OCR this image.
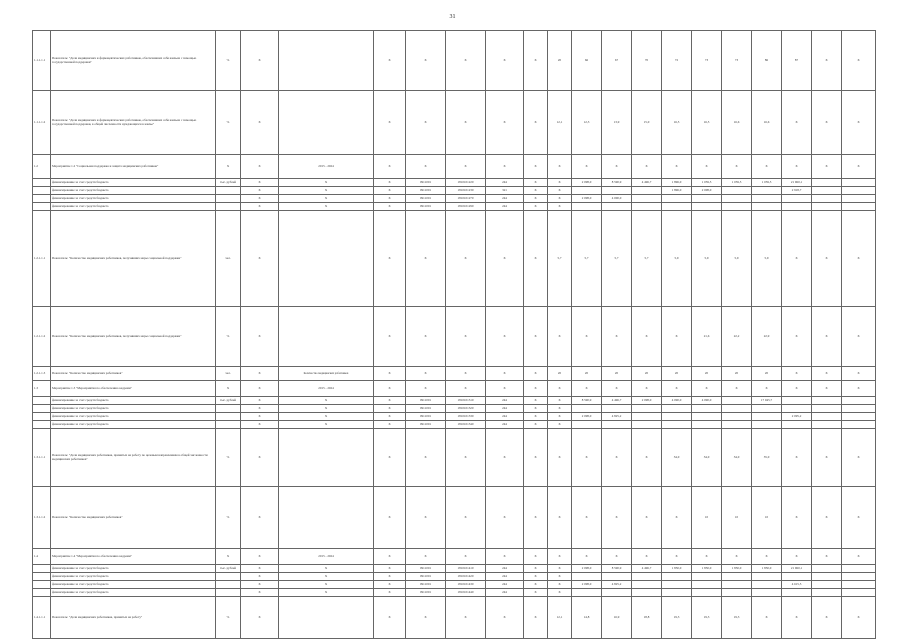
31
1.1.1.1.1	Показатель: "Доля медицинских и фармацевтических работников, обеспечивших себя жильем с помощью государственной поддержки"	%	Х		Х	Х	Х	Х	Х	20	66	67	70	72	73	73	86	87	Х	Х
1.1.1.1.2	Показатель: "Доля медицинских и фармацевтических работников, обеспечивших себя жильем с помощью государственной поддержки, в общей численности нуждающихся в жилье"	%	Х		Х	Х	Х	Х	Х	12,1	12,3	13,9	15,0	16,5	16,5	16,6	16,6	Х	Х	Х
1.2	Мероприятие 1.2 "Социальная поддержка и защита медицинских работников"	Х	Х	2015 - 2024	Х	Х	Х	Х	Х	Х	Х	Х	Х	Х	Х	Х	Х	Х	Х	Х
	финансирование за счет средств бюджета	тыс. рублей	Х	Х	Х	0911001	1810101220	244	Х	Х	2 098,0	8 590,9	4 496,7	1 896,0	1 059,5	1 059,5	1 059,5	21 960,1		
	финансирование за счет средств бюджета		Х	Х	Х	0911001	1810101230	321	Х	Х				1 896,0	2 008,0			2 918,7		
	финансирование за счет средств бюджета		Х	Х	Х	0911001	1810101270	244	Х	Х	2 098,0	4 000,0								
	финансирование за счет средств бюджета		Х	Х	Х	0911001	1810101290	244	Х	Х										
1.2.1.1.1	Показатель: "Количество медицинских работников, получивших меры социальной поддержки"	чел.	Х		Х	Х	Х	Х	Х	5,7	5,7	5,7	5,7	5,9	5,9	5,9	5,9	Х	Х	Х
1.2.1.1.2	Показатель: "Количество медицинских работников, получивших меры социальной поддержки"	%	Х		Х	Х	Х	Х	Х	Х	Х	Х	Х	Х	21,6	22,2	22,9	Х	Х	Х
1.2.1.1.3	Показатель: "Количество медицинских работников"	чел.	Х	Количество медицинских работников	Х	Х	Х	Х	Х	20	20	20	20	20	20	20	20	Х	Х	Х
1.3	Мероприятие 1.3 "Мероприятия по обеспечению кадрами"	Х	Х	2015 - 2024	Х	Х	Х	Х	Х	Х	Х	Х	Х	Х	Х	Х	Х	Х	Х	Х
	финансирование за счет средств бюджета	тыс. рублей	Х	Х	Х	0911001	1810101310	244	Х	Х	8 590,9	4 496,7	2 098,0	4 090,0	4 090,0		17 045,7			
	финансирование за счет средств бюджета		Х	Х	Х	0911001	1810101320	244	Х	Х										
	финансирование за счет средств бюджета		Х	Х	Х	0911001	1810101330	244	Х	Х	2 098,0	4 825,2						2 095,2		
	финансирование за счет средств бюджета		Х	Х	Х	0911001	1810101340	244	Х	Х										
1.3.1.1.1	Показатель: "Доля медицинских работников, принятых на работу по целевым направлениям в общей численности медицинских работников"	%	Х		Х	Х	Х	Х	Х	Х	Х	Х	Х	34,0	34,0	34,0	35,0	Х	Х	Х
1.3.1.1.2	Показатель: "Количество медицинских работников"	%	Х		Х	Х	Х	Х	Х	Х	Х	Х	Х	Х	10	10	10	Х	Х	Х
1.4	Мероприятие 1.4 "Мероприятия по обеспечению кадрами"	Х	Х	2015 - 2024	Х	Х	Х	Х	Х	Х	Х	Х	Х	Х	Х	Х	Х	Х	Х	Х
	финансирование за счет средств бюджета	тыс. рублей	Х	Х	Х	0911001	1810101410	244	Х	Х	2 098,0	8 590,9	4 496,7	1 850,0	1 850,0	1 850,0	1 850,0	21 960,1		
	финансирование за счет средств бюджета		Х	Х	Х	0911001	1810101420	244	Х	Х										
	финансирование за счет средств бюджета		Х	Х	Х	0911001	1810101430	244	Х	Х	2 098,0	4 825,2						4 615,5		
	финансирование за счет средств бюджета		Х	Х	Х	0911001	1810101440	244	Х	Х										
1.4.1.1.1	Показатель: "Доля медицинских работников, принятых на работу"	%	Х		Х	Х	Х	Х	Х	12,1	14,8	16,9	18,8	19,3	19,3	19,3	Х	Х	Х	Х
